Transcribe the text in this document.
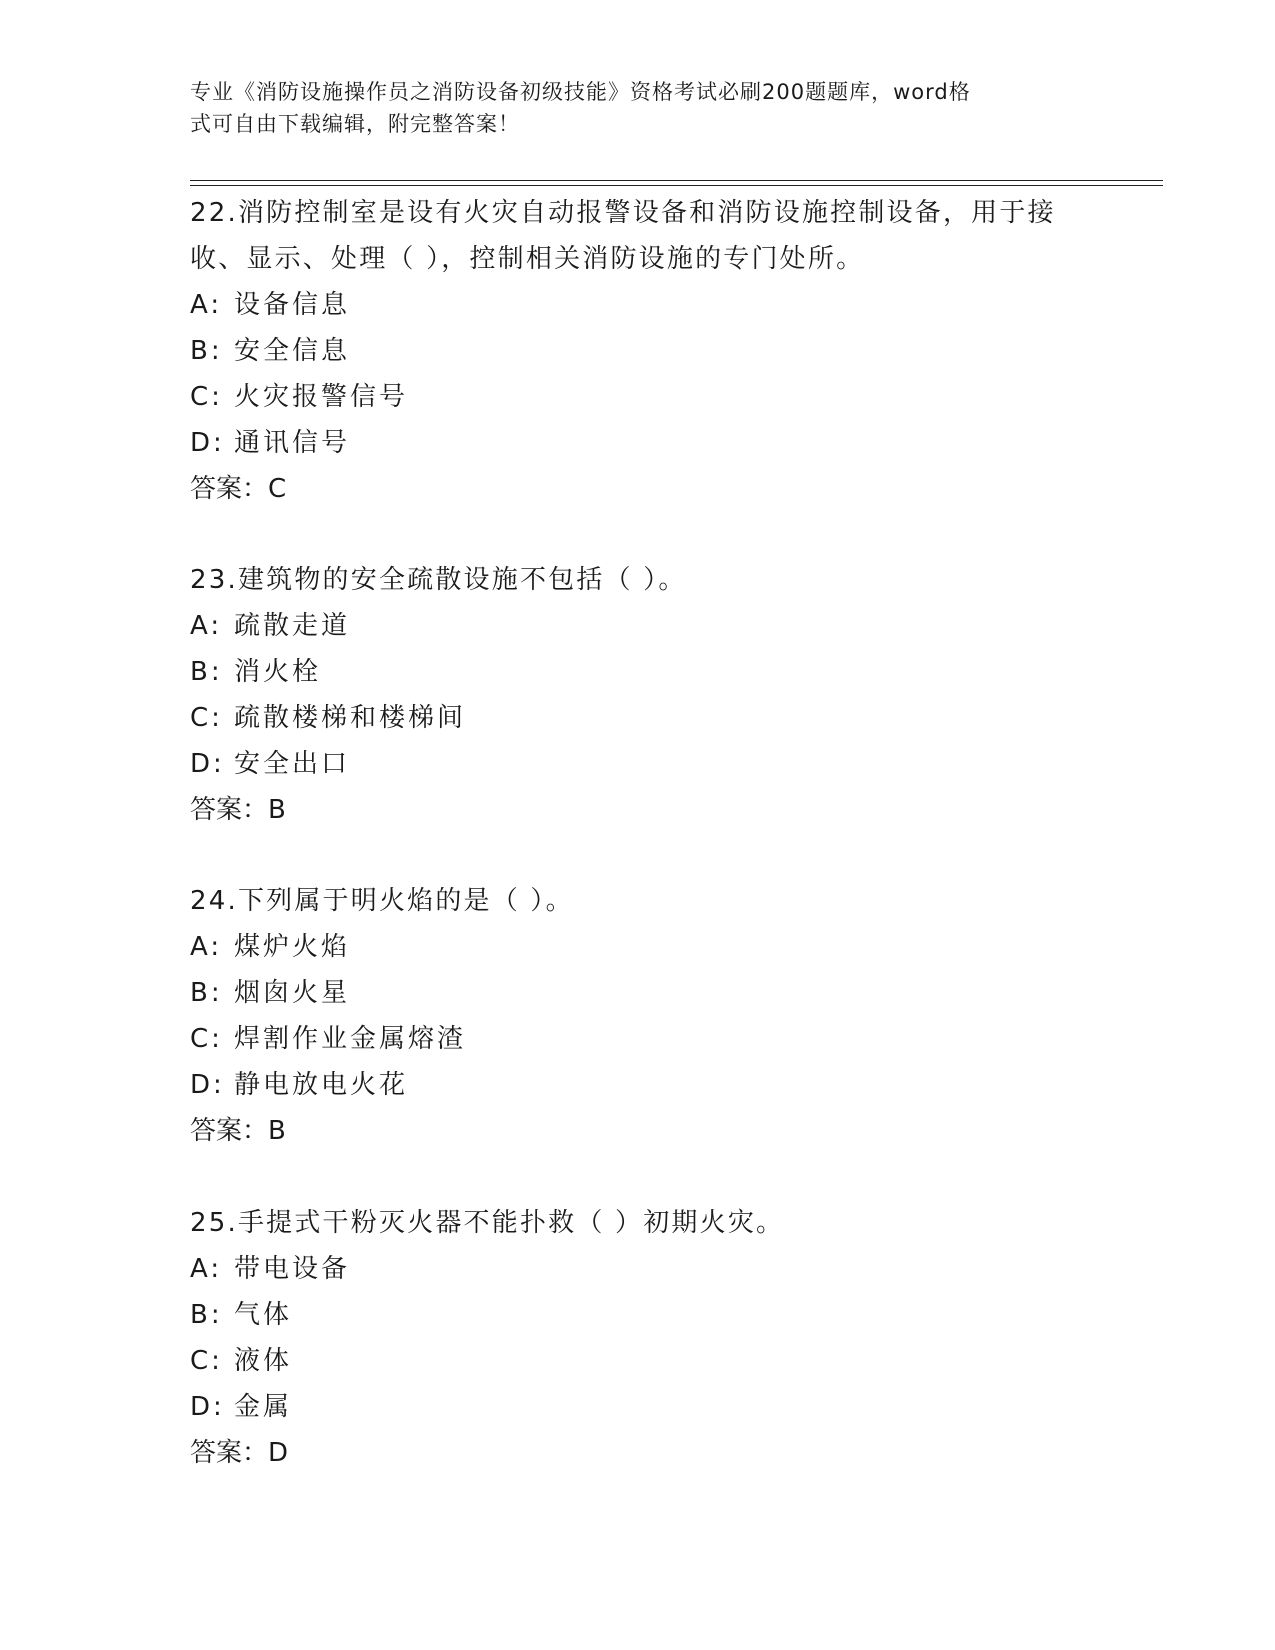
专业《消防设施操作员之消防设备初级技能》资格考试必刷200题题库，word格
式可自由下载编辑，附完整答案！
22.消防控制室是设有火灾自动报警设备和消防设施控制设备，用于接
收、显示、处理（ ），控制相关消防设施的专门处所。
A: 设备信息
B: 安全信息
C: 火灾报警信号
D: 通讯信号
答案：C
23.建筑物的安全疏散设施不包括（ ）。
A: 疏散走道
B: 消火栓
C: 疏散楼梯和楼梯间
D: 安全出口
答案：B
24.下列属于明火焰的是（ ）。
A: 煤炉火焰
B: 烟囱火星
C: 焊割作业金属熔渣
D: 静电放电火花
答案：B
25.手提式干粉灭火器不能扑救（ ）初期火灾。
A: 带电设备
B: 气体
C: 液体
D: 金属
答案：D
